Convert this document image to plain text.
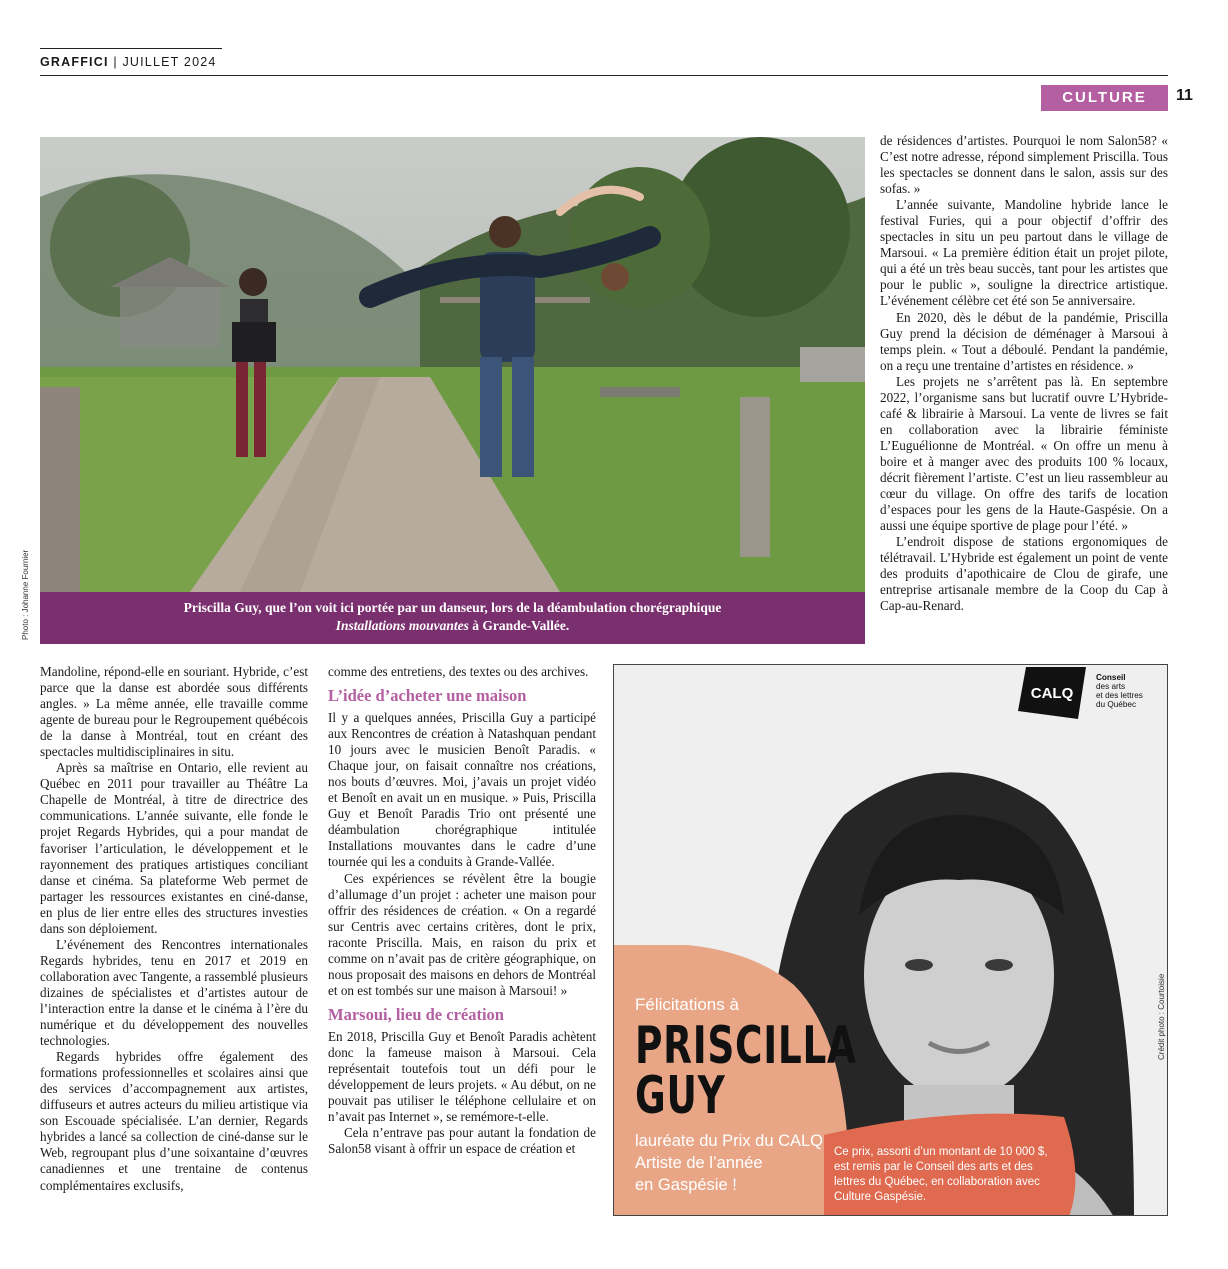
GRAFFICI | JUILLET 2024
CULTURE	11
Priscilla Guy, que l’on voit ici portée par un danseur, lors de la déambulation chorégraphique
Installations mouvantes à Grande-Vallée.
Photo : Johanne Fournier

de résidences d’artistes. Pourquoi le nom Salon58? « C’est notre adresse, répond simplement Priscilla. Tous les spectacles se donnent dans le salon, assis sur des sofas. »

L’année suivante, Mandoline hybride lance le festival Furies, qui a pour objectif d’offrir des spectacles in situ un peu partout dans le village de Marsoui. « La première édition était un projet pilote, qui a été un très beau succès, tant pour les artistes que pour le public », souligne la directrice artistique. L’événement célèbre cet été son 5e anniversaire.

En 2020, dès le début de la pandémie, Priscilla Guy prend la décision de déménager à Marsoui à temps plein. « Tout a déboulé. Pendant la pandémie, on a reçu une trentaine d’artistes en résidence. »

Les projets ne s’arrêtent pas là. En septembre 2022, l’organisme sans but lucratif ouvre L’Hybride-café & librairie à Marsoui. La vente de livres se fait en collaboration avec la librairie féministe L’Euguélionne de Montréal. « On offre un menu à boire et à manger avec des produits 100 % locaux, décrit fièrement l’artiste. C’est un lieu rassembleur au cœur du village. On offre des tarifs de location d’espaces pour les gens de la Haute-Gaspésie. On a aussi une équipe sportive de plage pour l’été. »

L’endroit dispose de stations ergonomiques de télétravail. L’Hybride est également un point de vente des produits d’apothicaire de Clou de girafe, une entreprise artisanale membre de la Coop du Cap à Cap-au-Renard.

Mandoline, répond-elle en souriant. Hybride, c’est parce que la danse est abordée sous différents angles. » La même année, elle travaille comme agente de bureau pour le Regroupement québécois de la danse à Montréal, tout en créant des spectacles multidisciplinaires in situ.

Après sa maîtrise en Ontario, elle revient au Québec en 2011 pour travailler au Théâtre La Chapelle de Montréal, à titre de directrice des communications. L’année suivante, elle fonde le projet Regards Hybrides, qui a pour mandat de favoriser l’articulation, le développement et le rayonnement des pratiques artistiques conciliant danse et cinéma. Sa plateforme Web permet de partager les ressources existantes en ciné-danse, en plus de lier entre elles des structures investies dans son déploiement.

L’événement des Rencontres internationales Regards hybrides, tenu en 2017 et 2019 en collaboration avec Tangente, a rassemblé plusieurs dizaines de spécialistes et d’artistes autour de l’interaction entre la danse et le cinéma à l’ère du numérique et du développement des nouvelles technologies.

Regards hybrides offre également des formations professionnelles et scolaires ainsi que des services d’accompagnement aux artistes, diffuseurs et autres acteurs du milieu artistique via son Escouade spécialisée. L’an dernier, Regards hybrides a lancé sa collection de ciné-danse sur le Web, regroupant plus d’une soixantaine d’œuvres canadiennes et une trentaine de contenus complémentaires exclusifs,

comme des entretiens, des textes ou des archives.

L’idée d’acheter une maison

Il y a quelques années, Priscilla Guy a participé aux Rencontres de création à Natashquan pendant 10 jours avec le musicien Benoît Paradis. « Chaque jour, on faisait connaître nos créations, nos bouts d’œuvres. Moi, j’avais un projet vidéo et Benoît en avait un en musique. » Puis, Priscilla Guy et Benoît Paradis Trio ont présenté une déambulation chorégraphique intitulée Installations mouvantes dans le cadre d’une tournée qui les a conduits à Grande-Vallée.

Ces expériences se révèlent être la bougie d’allumage d’un projet : acheter une maison pour offrir des résidences de création. « On a regardé sur Centris avec certains critères, dont le prix, raconte Priscilla. Mais, en raison du prix et comme on n’avait pas de critère géographique, on nous proposait des maisons en dehors de Montréal et on est tombés sur une maison à Marsoui! »

Marsoui, lieu de création

En 2018, Priscilla Guy et Benoît Paradis achètent donc la fameuse maison à Marsoui. Cela représentait toutefois tout un défi pour le développement de leurs projets. « Au début, on ne pouvait pas utiliser le téléphone cellulaire et on n’avait pas Internet », se remémore-t-elle.

Cela n’entrave pas pour autant la fondation de Salon58 visant à offrir un espace de création et

CALQ
Conseil
des arts
et des lettres
du Québec
Félicitations à
PRISCILLA
GUY
lauréate du Prix du CALQ
Artiste de l’année
en Gaspésie !
Ce prix, assorti d’un montant de 10 000 $, est remis par le Conseil des arts et des lettres du Québec, en collaboration avec Culture Gaspésie.
Crédit photo : Courtoisie
